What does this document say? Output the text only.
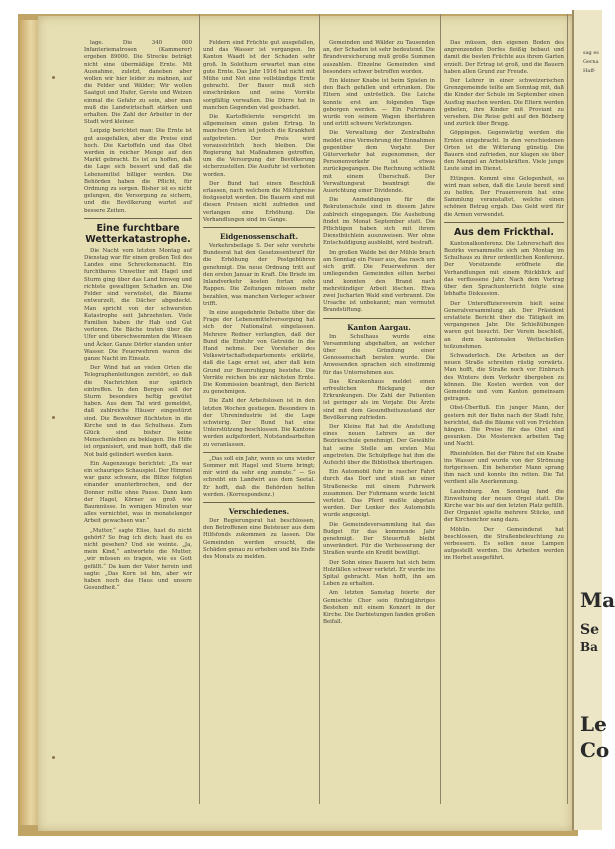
lage. Die 340 000 Infanteriematrosen (Kammerer) ergeben 89000. Die Strecke beträgt nicht eine übermäßige Ernte. Mit Ausnahme, zuletzt, daneben aber wollen wir hier leider zu mahnen, auf die Felder und Wälder; Wir wollen Saatgut und Hafer, Gerste und Weizen einmal die Gefahr zu sein, aber man muß die Landwirtschaft stärken und erhalten. Die Zahl der Arbeiter in der Stadt wird kleiner.

Leipzig berichtet man: Die Ernte ist gut ausgefallen, aber die Preise sind hoch. Die Kartoffeln und das Obst werden in reicher Menge auf den Markt gebracht. Es ist zu hoffen, daß die Lage sich bessert und daß die Lebensmittel billiger werden. Die Behörden haben die Pflicht, für Ordnung zu sorgen. Bisher ist es nicht gelungen, die Versorgung zu sichern, und die Bevölkerung wartet auf bessere Zeiten.

Eine furchtbare Wetterkatastrophe.

Die Nacht vom letzten Montag auf Dienstag war für einen großen Teil des Landes eine Schreckensnacht. Ein furchtbares Unwetter mit Hagel und Sturm ging über das Land hinweg und richtete gewaltigen Schaden an. Die Felder sind verwüstet, die Bäume entwurzelt, die Dächer abgedeckt. Man spricht von der schwersten Katastrophe seit Jahrzehnten. Viele Familien haben ihr Hab und Gut verloren. Die Bäche traten über die Ufer und überschwemmten die Wiesen und Äcker. Ganze Dörfer standen unter Wasser. Die Feuerwehren waren die ganze Nacht im Einsatz.

Der Wind hat an vielen Orten die Telegraphenleitungen zerstört, so daß die Nachrichten nur spärlich eintreffen. In den Bergen soll der Sturm besonders heftig gewütet haben. Aus dem Tal wird gemeldet, daß zahlreiche Häuser eingestürzt sind. Die Bewohner flüchteten in die Kirche und in das Schulhaus. Zum Glück sind bisher keine Menschenleben zu beklagen. Die Hilfe ist organisiert, und man hofft, daß die Not bald gelindert werden kann.

Ein Augenzeuge berichtet: „Es war ein schauriges Schauspiel. Der Himmel war ganz schwarz, die Blitze folgten einander ununterbrochen, und der Donner rollte ohne Pause. Dann kam der Hagel, Körner so groß wie Baumnüsse. In wenigen Minuten war alles vernichtet, was in monatelanger Arbeit gewachsen war.“

„Mutter,“ sagte Elise, hast du nicht gehört? So frag ich dich; hast du es nicht gesehen? Und sie weinte. „Ja, mein Kind,“ antwortete die Mutter, „wir müssen es tragen, wie es Gott gefällt.“ Da kam der Vater herein und sagte: „Das Korn ist hin, aber wir haben noch das Haus und unsere Gesundheit.“

Feldern sind Früchte gut ausgefallen, und das Wasser ist vergangen. Im Kanton Waadt ist der Schaden sehr groß. In Solothurn erwartet man eine gute Ernte. Das Jahr 1916 hat nicht mit Mühe und Not eine vollständige Ernte gebracht. Der Bauer muß sich einschränken und seine Vorräte sorgfältig verwalten. Die Dürre hat in manchen Gegenden viel geschadet.

Die Kartoffelernte verspricht im allgemeinen einen guten Ertrag. In manchen Orten ist jedoch die Krankheit aufgetreten. Der Preis wird voraussichtlich hoch bleiben. Die Regierung hat Maßnahmen getroffen, um die Versorgung der Bevölkerung sicherzustellen. Die Ausfuhr ist verboten worden.

Der Bund hat einen Beschluß erlassen, nach welchem die Milchpreise festgesetzt werden. Die Bauern sind mit diesen Preisen nicht zufrieden und verlangen eine Erhöhung. Die Verhandlungen sind im Gange.

Eidgenossenschaft.

Verkehrsbeilage S. Der sehr verehrte Bundesrat hat den Gesetzesentwurf für die Erhöhung der Postgebühren genehmigt. Die neue Ordnung tritt auf den ersten Januar in Kraft. Die Briefe im Inlandverkehr kosten fortan zehn Rappen. Die Zeitungen müssen mehr bezahlen, was manchen Verleger schwer trifft.

In eine ausgedehnte Debatte über die Frage der Lebensmittelversorgung hat sich der Nationalrat eingelassen. Mehrere Redner verlangten, daß der Bund die Einfuhr von Getreide in die Hand nehme. Der Vorsteher des Volkswirtschaftsdepartements erklärte, daß die Lage ernst sei, aber daß kein Grund zur Beunruhigung bestehe. Die Vorräte reichen bis zur nächsten Ernte. Die Kommission beantragt, den Bericht zu genehmigen.

Die Zahl der Arbeitslosen ist in den letzten Wochen gestiegen. Besonders in der Uhrenindustrie ist die Lage schwierig. Der Bund hat eine Unterstützung beschlossen. Die Kantone werden aufgefordert, Notstandsarbeiten zu veranlassen.

„Das soll ein Jahr, wenn es uns wieder Sommer mit Hagel und Sturm bringt; mir wird da sehr eng zumute.“ — So schreibt ein Landwirt aus dem Seetal. Er hofft, daß die Behörden helfen werden. (Korrespondenz.)

Verschiedenes.

Der Regierungsrat hat beschlossen, den Betroffenen eine Beisteuer aus dem Hilfsfonds zukommen zu lassen. Die Gemeinden werden ersucht, die Schäden genau zu erheben und bis Ende des Monats zu melden.

Gemeinden und Wälder zu Tausenden an, der Schaden ist sehr bedeutend. Die Brandversicherung muß große Summen auszahlen. Einzelne Gemeinden sind besonders schwer betroffen worden.

Ein kleiner Knabe ist beim Spielen in den Bach gefallen und ertrunken. Die Eltern sind untröstlich. Die Leiche konnte erst am folgenden Tage geborgen werden. — Ein Fuhrmann wurde von seinem Wagen überfahren und erlitt schwere Verletzungen.

Die Verwaltung der Zentralbahn meldet eine Vermehrung der Einnahmen gegenüber dem Vorjahr. Der Güterverkehr hat zugenommen, der Personenverkehr ist etwas zurückgegangen. Die Rechnung schließt mit einem Überschuß. Der Verwaltungsrat beantragt die Ausrichtung einer Dividende.

Die Anmeldungen für die Rekrutenschule sind in diesem Jahre zahlreich eingegangen. Die Aushebung findet im Monat September statt. Die Pflichtigen haben sich mit ihrem Dienstbüchlein auszuweisen. Wer ohne Entschuldigung ausbleibt, wird bestraft.

Im großen Walde bei der Mühle brach am Sonntag ein Feuer aus, das rasch um sich griff. Die Feuerwehren der umliegenden Gemeinden eilten herbei und konnten den Brand nach mehrstündiger Arbeit löschen. Etwa zwei Jucharten Wald sind verbrannt. Die Ursache ist unbekannt; man vermutet Brandstiftung.

Kanton Aargau.

Im Schulhaus wurde eine Versammlung abgehalten, an welcher über die Gründung einer Genossenschaft beraten wurde. Die Anwesenden sprachen sich einstimmig für das Unternehmen aus.

Das Krankenhaus meldet einen erfreulichen Rückgang der Erkrankungen. Die Zahl der Patienten ist geringer als im Vorjahr. Die Ärzte sind mit dem Gesundheitszustand der Bevölkerung zufrieden.

Der Kleine Rat hat die Anstellung eines neuen Lehrers an der Bezirksschule genehmigt. Der Gewählte hat seine Stelle am ersten Mai angetreten. Die Schulpflege hat ihm die Aufsicht über die Bibliothek übertragen.

Ein Automobil fuhr in rascher Fahrt durch das Dorf und stieß an einer Straßenecke mit einem Fuhrwerk zusammen. Der Fuhrmann wurde leicht verletzt. Das Pferd mußte abgetan werden. Der Lenker des Automobils wurde angezeigt.

Die Gemeindeversammlung hat das Budget für das kommende Jahr genehmigt. Der Steuerfuß bleibt unverändert. Für die Verbesserung der Straßen wurde ein Kredit bewilligt.

Der Sohn eines Bauern hat sich beim Holzfällen schwer verletzt. Er wurde ins Spital gebracht. Man hofft, ihn am Leben zu erhalten.

Am letzten Samstag feierte der Gemischte Chor sein fünfzigjähriges Bestehen mit einem Konzert in der Kirche. Die Darbietungen fanden großen Beifall.

Das müssen, den eigenen Boden des angrenzenden Dorfes fleißig bebaut und damit die besten Früchte aus ihrem Garten erzielt. Der Ertrag ist groß, und die Bauern haben allen Grund zur Freude.

Der Lehrer in einer schweizerischen Grenzgemeinde teilte am Sonntag mit, daß die Kinder der Schule im September einen Ausflug machen werden. Die Eltern werden gebeten, ihre Kinder mit Proviant zu versehen. Die Reise geht auf den Bözberg und zurück über Brugg.

Göppingen. Gegenwärtig werden die Ernten eingebracht. In den verschiedenen Orten ist die Witterung günstig. Die Bauern sind zufrieden, nur klagen sie über den Mangel an Arbeitskräften. Viele junge Leute sind im Dienst.

Ettingen. Kommt eine Gelegenheit, so wird man sehen, daß die Leute bereit sind zu helfen. Der Frauenverein hat eine Sammlung veranstaltet, welche einen schönen Betrag ergab. Das Geld wird für die Armen verwendet.

Aus dem Frickthal.

Kantonalkonferenz. Die Lehrerschaft des Bezirks versammelte sich am Montag im Schulhaus zu ihrer ordentlichen Konferenz. Der Vorsitzende eröffnete die Verhandlungen mit einem Rückblick auf das verflossene Jahr. Nach dem Vortrag über den Sprachunterricht folgte eine lebhafte Diskussion.

Der Unteroffiziersverein hielt seine Generalversammlung ab. Der Präsident erstattete Bericht über die Tätigkeit im vergangenen Jahr. Die Schießübungen waren gut besucht. Der Verein beschloß, an dem kantonalen Wettschießen teilzunehmen.

Schwaderloch. Die Arbeiten an der neuen Straße schreiten rüstig vorwärts. Man hofft, die Straße noch vor Einbruch des Winters dem Verkehr übergeben zu können. Die Kosten werden von der Gemeinde und vom Kanton gemeinsam getragen.

Obst-Überfluß. Ein junger Mann, der gestern mit der Bahn nach der Stadt fuhr, berichtet, daß die Bäume voll von Früchten hängen. Die Preise für das Obst sind gesunken. Die Mostereien arbeiten Tag und Nacht.

Rheinfelden. Bei der Fähre fiel ein Knabe ins Wasser und wurde von der Strömung fortgerissen. Ein beherzter Mann sprang ihm nach und konnte ihn retten. Die Tat verdient alle Anerkennung.

Laufenburg. Am Sonntag fand die Einweihung der neuen Orgel statt. Die Kirche war bis auf den letzten Platz gefüllt. Der Organist spielte mehrere Stücke, und der Kirchenchor sang dazu.

Möhlin. Der Gemeinderat hat beschlossen, die Straßenbeleuchtung zu verbessern. Es sollen neue Lampen aufgestellt werden. Die Arbeiten werden im Herbst ausgeführt.

sag es

Gerna

Haff-

Ma
Se
Ba
Le
Co
